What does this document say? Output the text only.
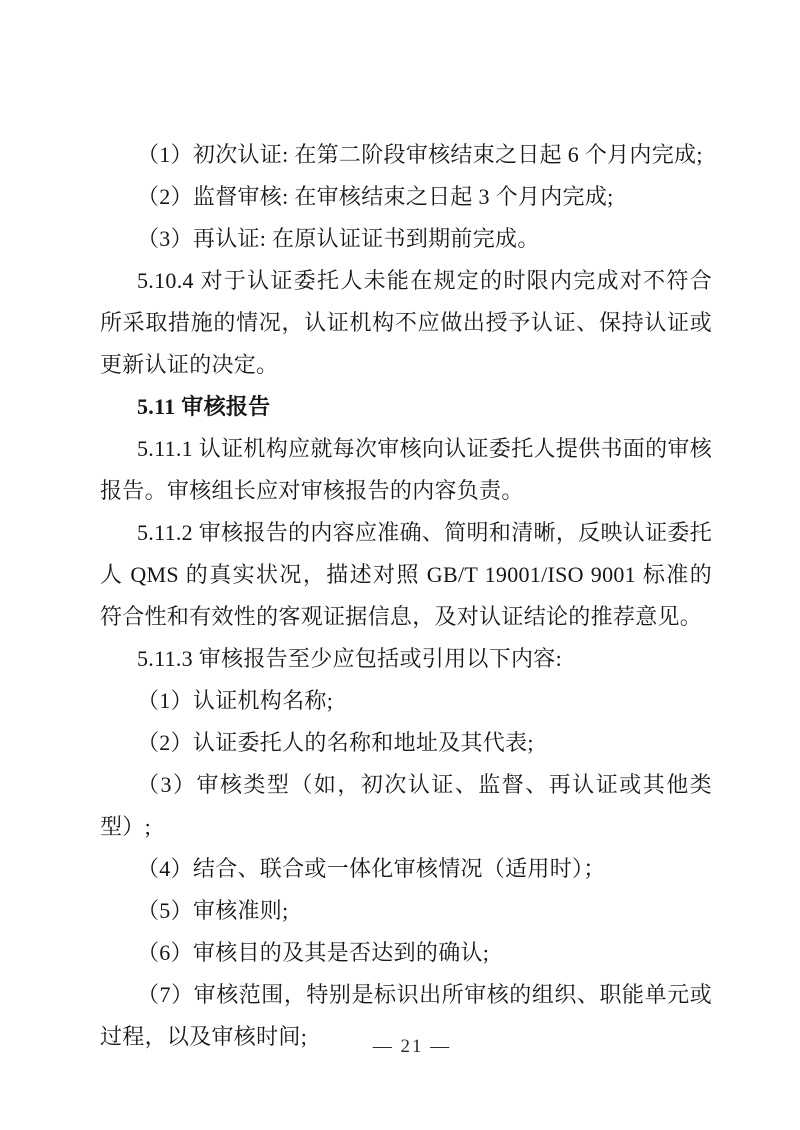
（1）初次认证: 在第二阶段审核结束之日起 6 个月内完成;

（2）监督审核: 在审核结束之日起 3 个月内完成;

（3）再认证: 在原认证证书到期前完成。

5.10.4 对于认证委托人未能在规定的时限内完成对不符合所采取措施的情况，认证机构不应做出授予认证、保持认证或更新认证的决定。

5.11 审核报告

5.11.1 认证机构应就每次审核向认证委托人提供书面的审核报告。审核组长应对审核报告的内容负责。

5.11.2 审核报告的内容应准确、简明和清晰，反映认证委托人 QMS 的真实状况，描述对照 GB/T 19001/ISO 9001 标准的符合性和有效性的客观证据信息，及对认证结论的推荐意见。

5.11.3 审核报告至少应包括或引用以下内容:

（1）认证机构名称;

（2）认证委托人的名称和地址及其代表;

（3）审核类型（如，初次认证、监督、再认证或其他类型）;

（4）结合、联合或一体化审核情况（适用时）；

（5）审核准则;

（6）审核目的及其是否达到的确认;

（7）审核范围，特别是标识出所审核的组织、职能单元或过程，以及审核时间;	— 21 —
